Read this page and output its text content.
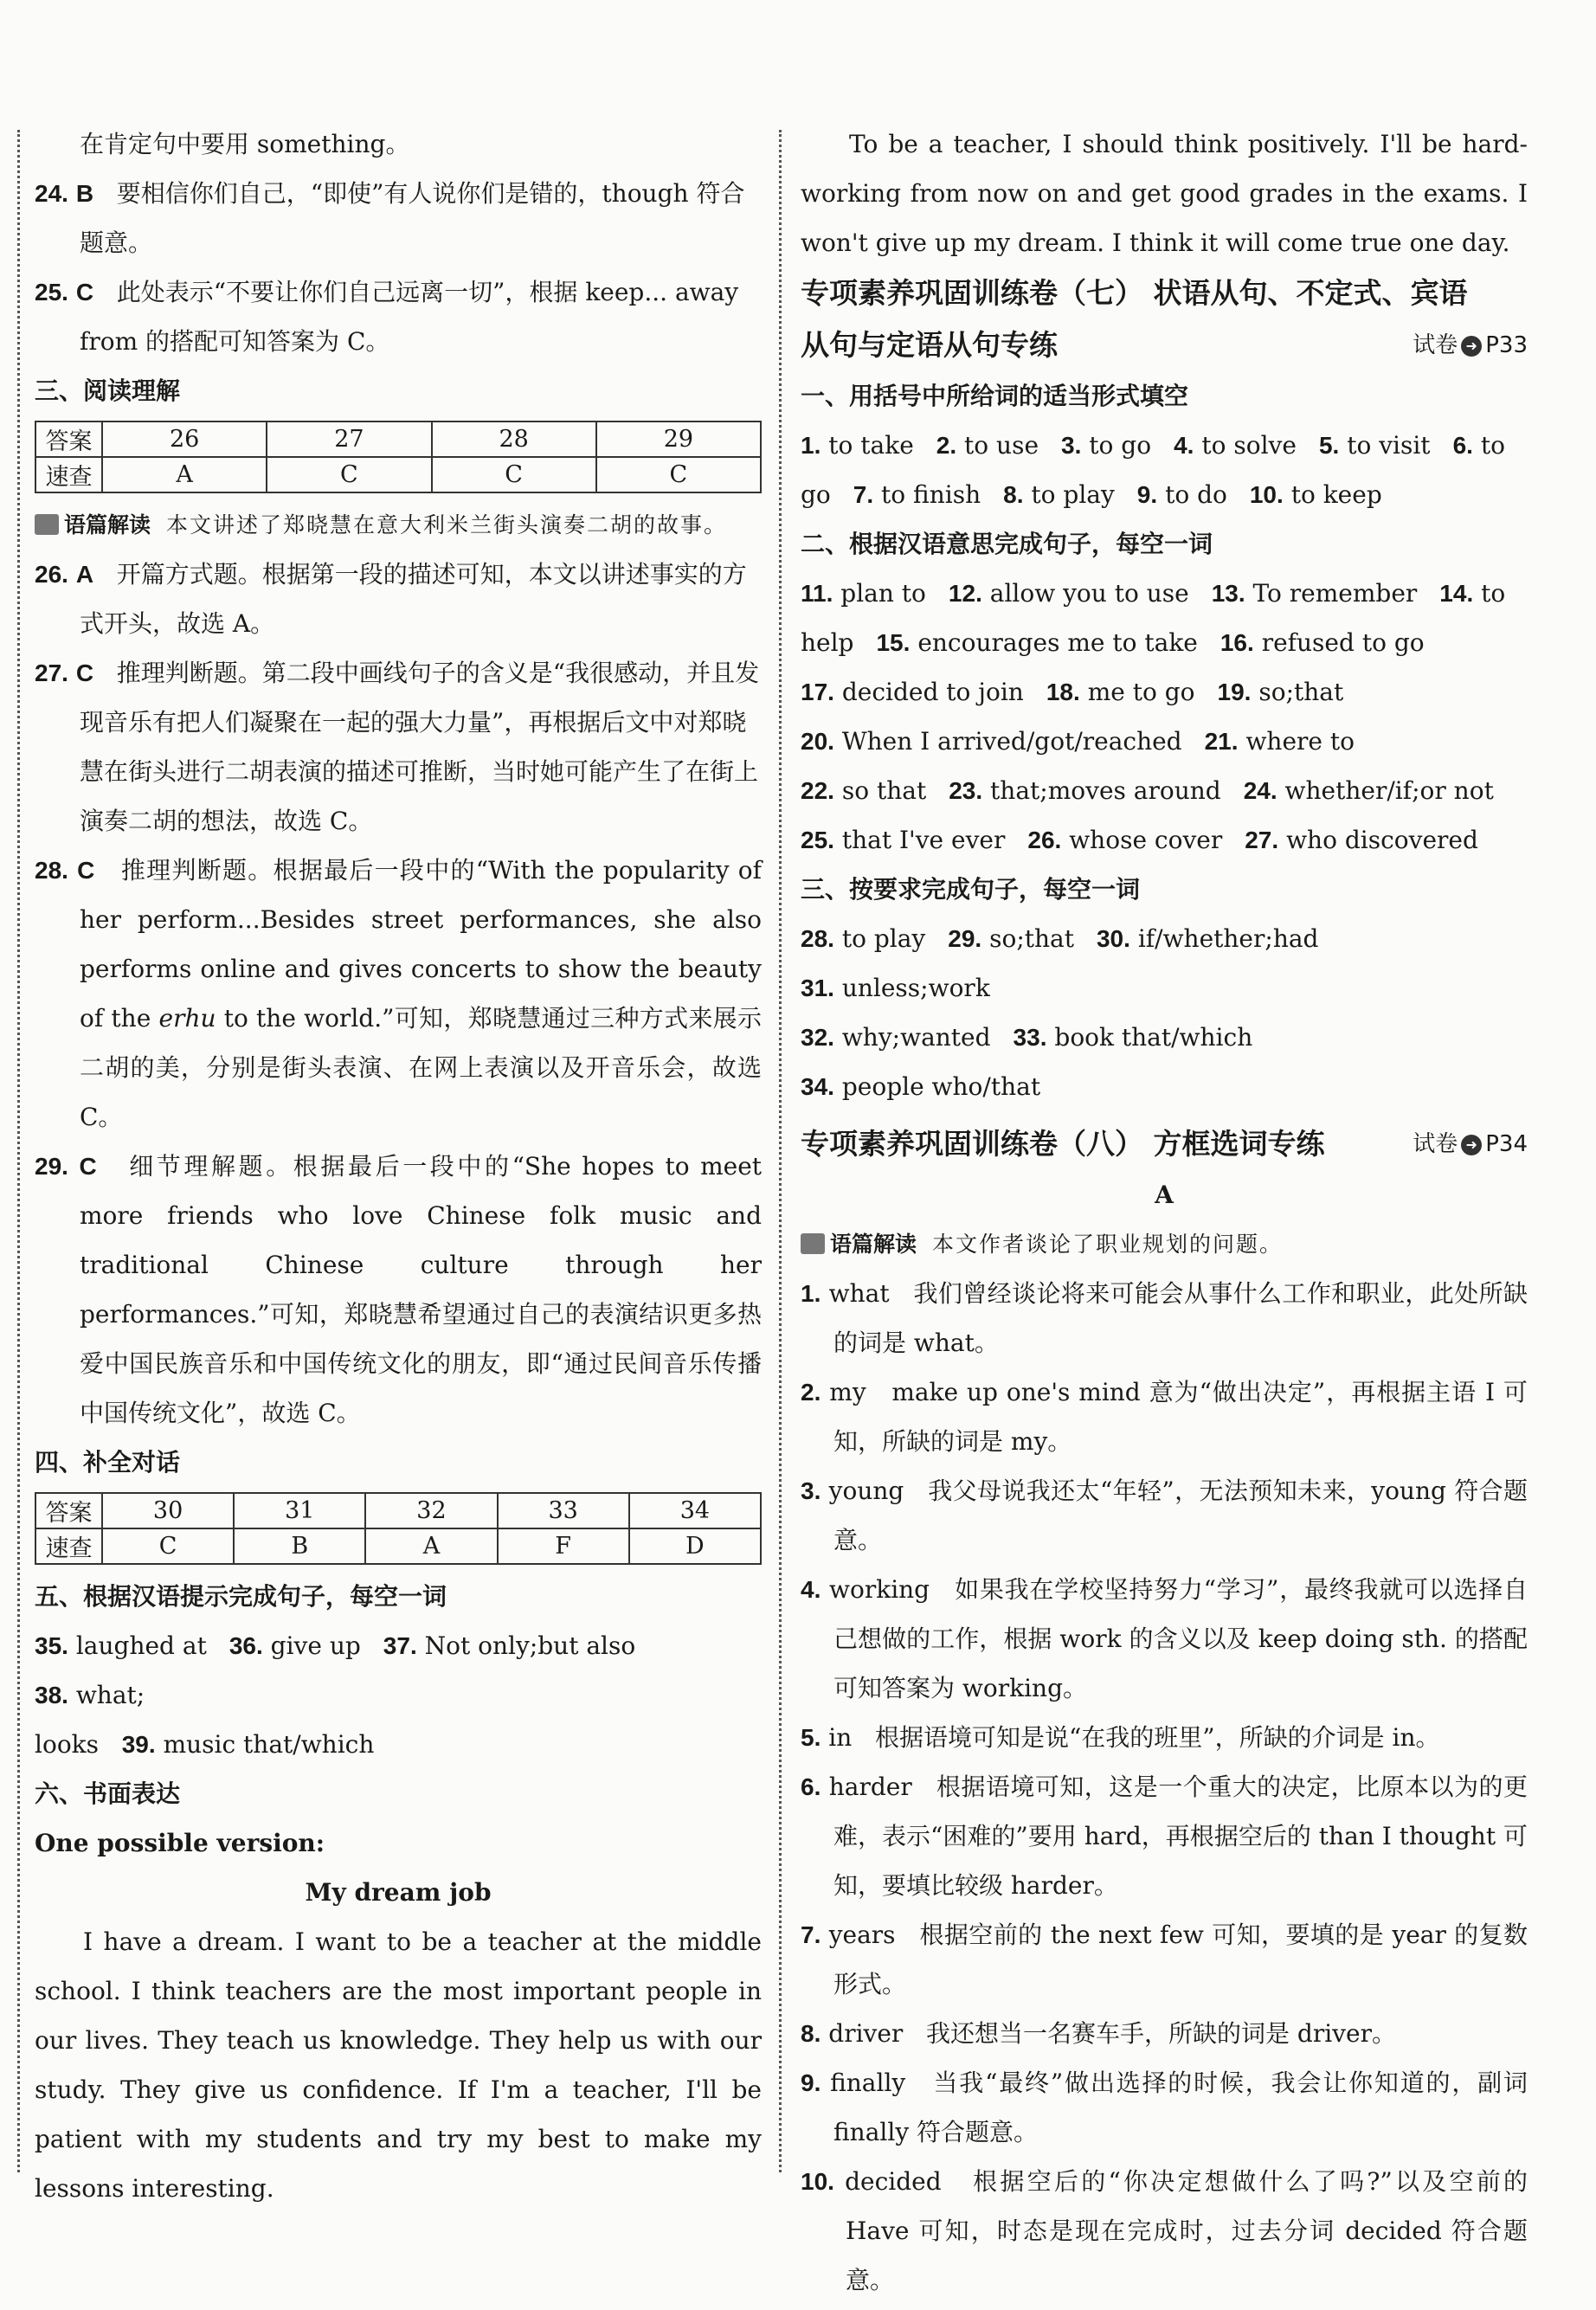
在肯定句中要用 something。

24. B 要相信你们自己，“即使”有人说你们是错的，though 符合题意。

25. C 此处表示“不要让你们自己远离一切”，根据 keep... away from 的搭配可知答案为 C。

三、阅读理解

答案	26	27	28	29
速查	A	C	C	C

语篇解读 本文讲述了郑晓慧在意大利米兰街头演奏二胡的故事。

26. A 开篇方式题。根据第一段的描述可知，本文以讲述事实的方式开头，故选 A。

27. C 推理判断题。第二段中画线句子的含义是“我很感动，并且发现音乐有把人们凝聚在一起的强大力量”，再根据后文中对郑晓慧在街头进行二胡表演的描述可推断，当时她可能产生了在街上演奏二胡的想法，故选 C。

28. C 推理判断题。根据最后一段中的“With the popularity of her perform...Besides street performances, she also performs online and gives concerts to show the beauty of the erhu to the world.”可知，郑晓慧通过三种方式来展示二胡的美，分别是街头表演、在网上表演以及开音乐会，故选 C。

29. C 细节理解题。根据最后一段中的“She hopes to meet more friends who love Chinese folk music and traditional Chinese culture through her performances.”可知，郑晓慧希望通过自己的表演结识更多热爱中国民族音乐和中国传统文化的朋友，即“通过民间音乐传播中国传统文化”，故选 C。

四、补全对话

答案	30	31	32	33	34
速查	C	B	A	F	D

五、根据汉语提示完成句子，每空一词

35. laughed at 36. give up 37. Not only;but also38. what;

looks 39. music that/which

六、书面表达

One possible version:

My dream job

I have a dream. I want to be a teacher at the middle school. I think teachers are the most important people in our lives. They teach us knowledge. They help us with our study. They give us confidence. If I'm a teacher, I'll be patient with my students and try my best to make my lessons interesting.

To be a teacher, I should think positively. I'll be hard-working from now on and get good grades in the exams. I won't give up my dream. I think it will come true one day.

专项素养巩固训练卷（七） 状语从句、不定式、宾语

从句与定语从句专练	试卷 ➜ P33

一、用括号中所给词的适当形式填空

1. to take 2. to use 3. to go 4. to solve 5. to visit 6. to

go 7. to finish 8. to play 9. to do 10. to keep

二、根据汉语意思完成句子，每空一词

11. plan to 12. allow you to use 13. To remember 14. to

help 15. encourages me to take 16. refused to go

17. decided to join 18. me to go 19. so;that

20. When I arrived/got/reached 21. where to

22. so that 23. that;moves around 24. whether/if;or not

25. that I've ever 26. whose cover 27. who discovered

三、按要求完成句子，每空一词

28. to play 29. so;that 30. if/whether;had31. unless;work

32. why;wanted 33. book that/which34. people who/that

专项素养巩固训练卷（八） 方框选词专练	试卷 ➜ P34

A

语篇解读 本文作者谈论了职业规划的问题。

1. what 我们曾经谈论将来可能会从事什么工作和职业，此处所缺的词是 what。

2. my make up one's mind 意为“做出决定”，再根据主语 I 可知，所缺的词是 my。

3. young 我父母说我还太“年轻”，无法预知未来，young 符合题意。

4. working 如果我在学校坚持努力“学习”，最终我就可以选择自己想做的工作，根据 work 的含义以及 keep doing sth. 的搭配可知答案为 working。

5. in 根据语境可知是说“在我的班里”，所缺的介词是 in。

6. harder 根据语境可知，这是一个重大的决定，比原本以为的更难，表示“困难的”要用 hard，再根据空后的 than I thought 可知，要填比较级 harder。

7. years 根据空前的 the next few 可知，要填的是 year 的复数形式。

8. driver 我还想当一名赛车手，所缺的词是 driver。

9. finally 当我“最终”做出选择的时候，我会让你知道的，副词 finally 符合题意。

10. decided 根据空后的“你决定想做什么了吗?”以及空前的 Have 可知，时态是现在完成时，过去分词 decided 符合题意。
